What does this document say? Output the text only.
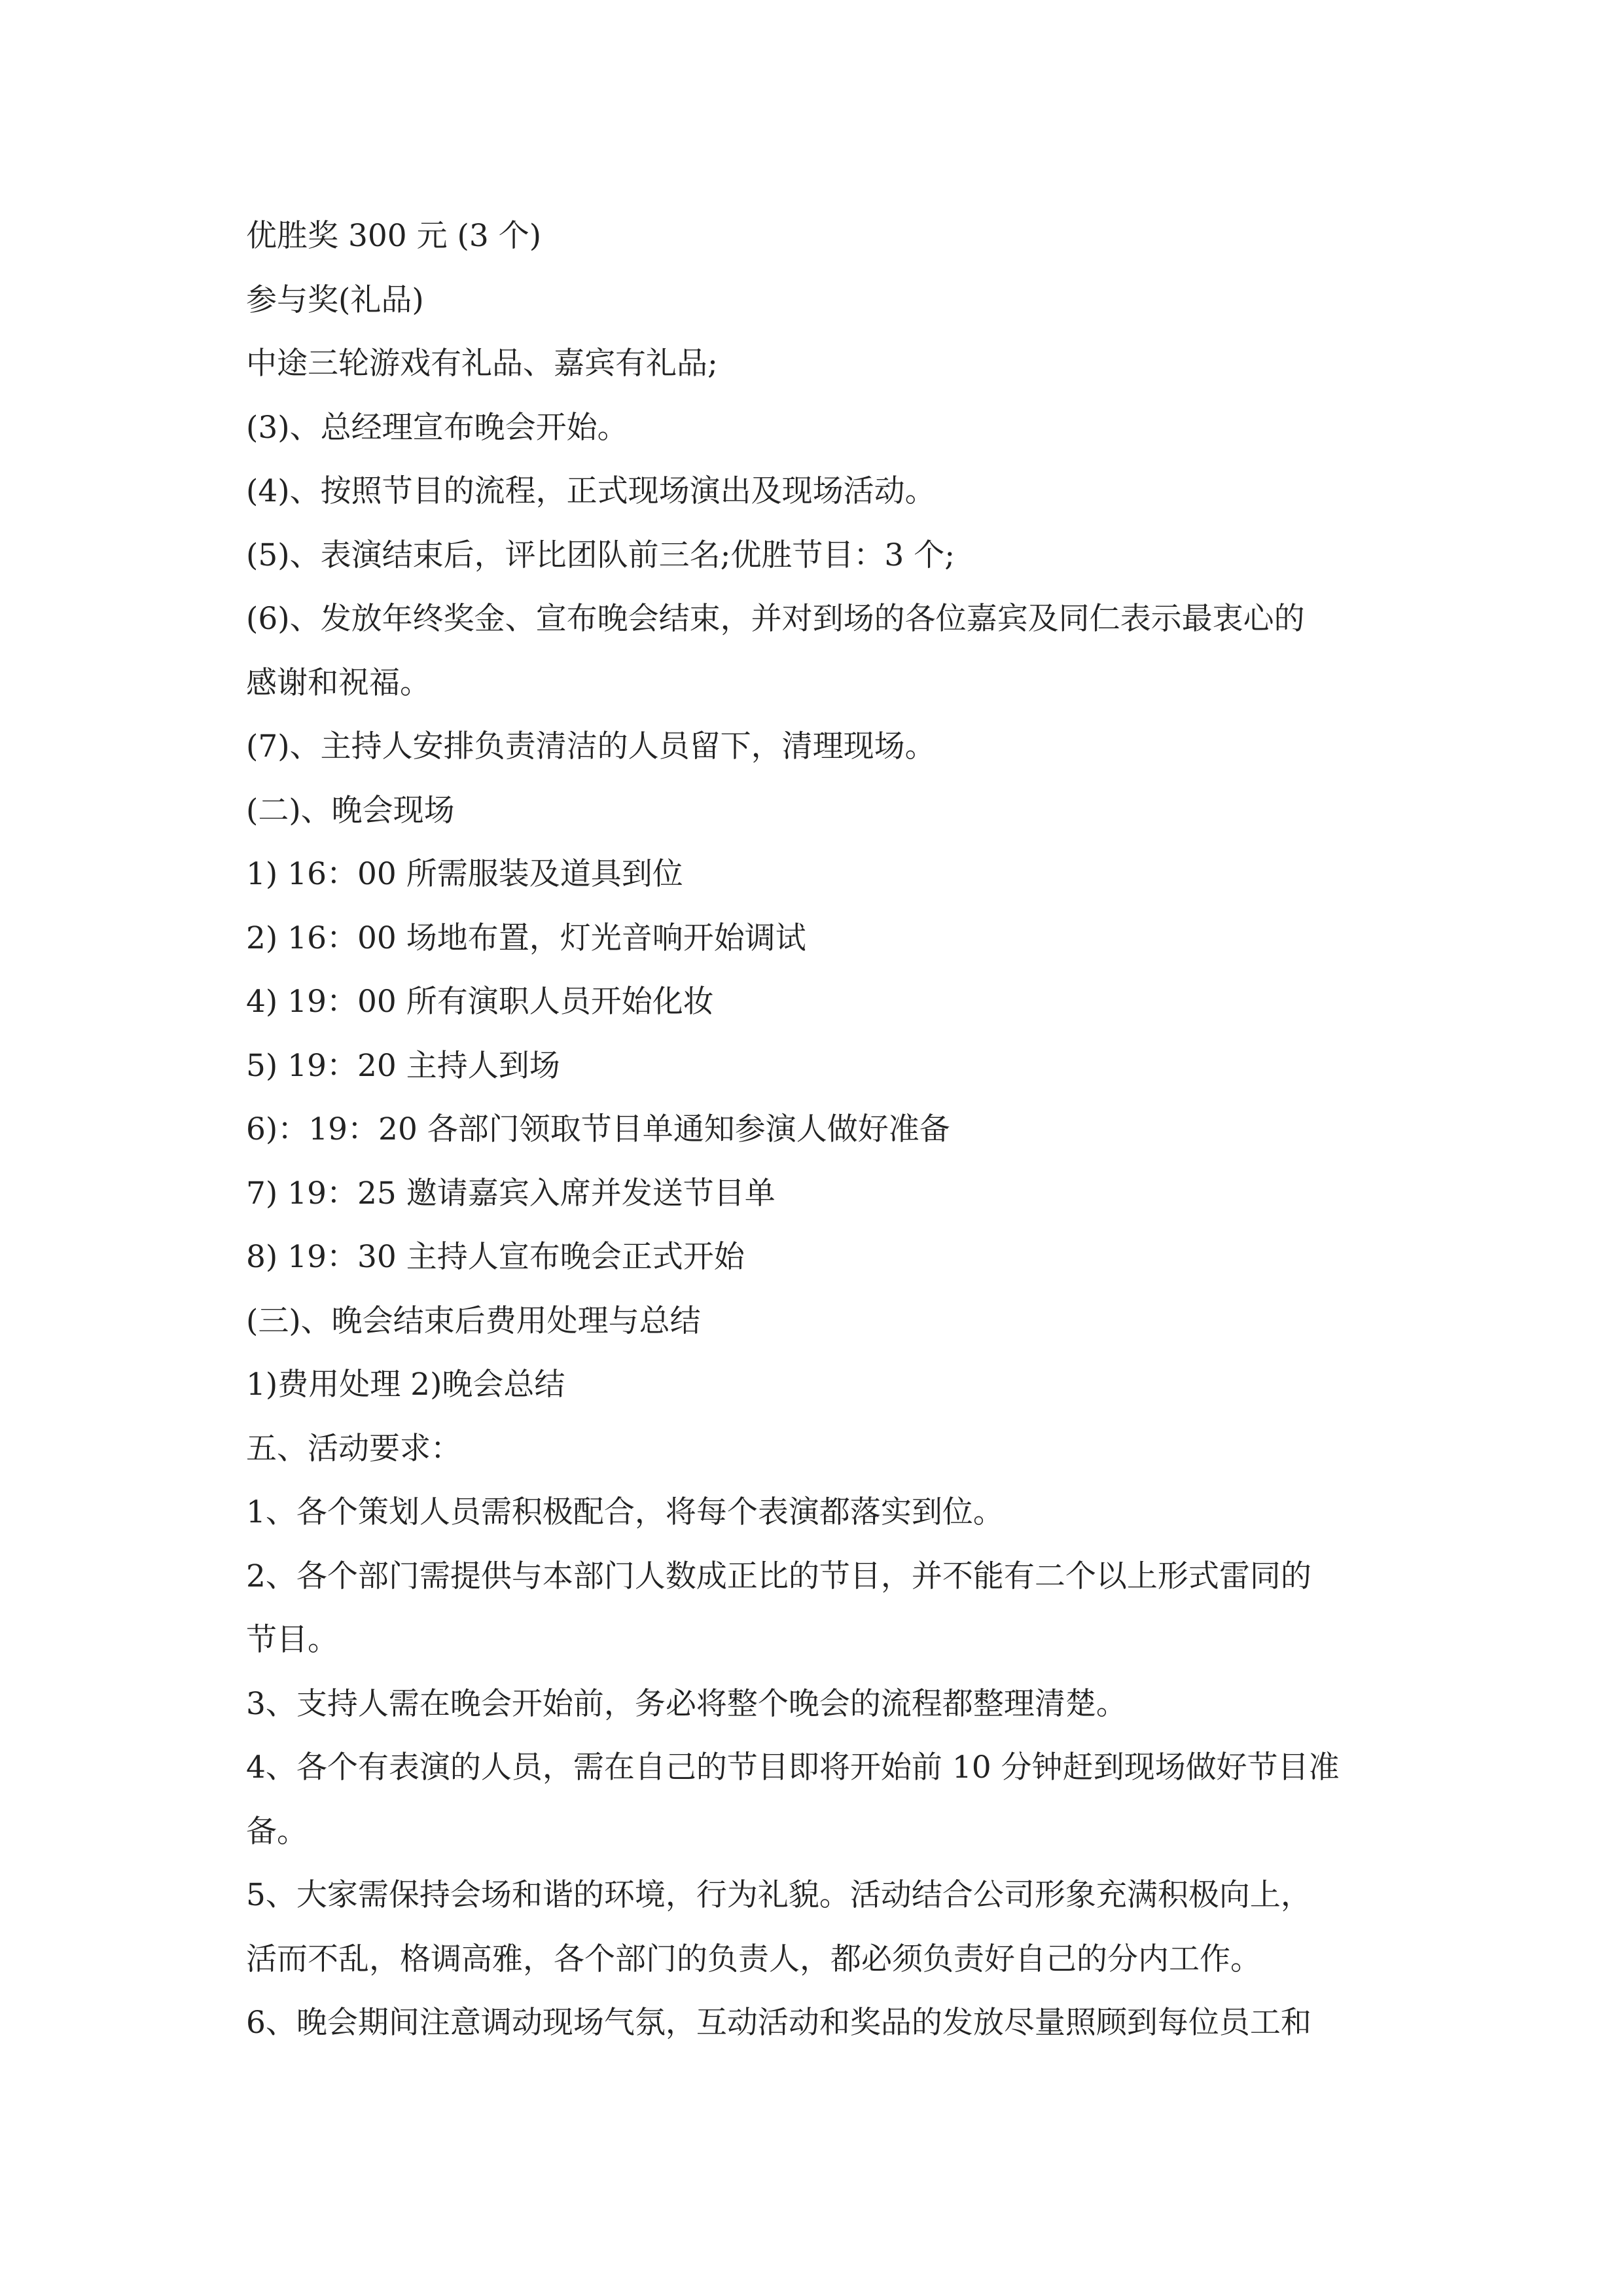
优胜奖 300 元 (3 个)

参与奖(礼品)

中途三轮游戏有礼品、嘉宾有礼品;

(3)、总经理宣布晚会开始。

(4)、按照节目的流程，正式现场演出及现场活动。

(5)、表演结束后，评比团队前三名;优胜节目：3 个;

(6)、发放年终奖金、宣布晚会结束，并对到场的各位嘉宾及同仁表示最衷心的

感谢和祝福。

(7)、主持人安排负责清洁的人员留下，清理现场。

(二)、晚会现场

1) 16：00 所需服装及道具到位

2) 16：00 场地布置，灯光音响开始调试

4) 19：00 所有演职人员开始化妆

5) 19：20 主持人到场

6)：19：20 各部门领取节目单通知参演人做好准备

7) 19：25 邀请嘉宾入席并发送节目单

8) 19：30 主持人宣布晚会正式开始

(三)、晚会结束后费用处理与总结

1)费用处理 2)晚会总结

五、活动要求：

1、各个策划人员需积极配合，将每个表演都落实到位。

2、各个部门需提供与本部门人数成正比的节目，并不能有二个以上形式雷同的

节目。

3、支持人需在晚会开始前，务必将整个晚会的流程都整理清楚。

4、各个有表演的人员，需在自己的节目即将开始前 10 分钟赶到现场做好节目准

备。

5、大家需保持会场和谐的环境，行为礼貌。活动结合公司形象充满积极向上，

活而不乱，格调高雅，各个部门的负责人，都必须负责好自己的分内工作。

6、晚会期间注意调动现场气氛，互动活动和奖品的发放尽量照顾到每位员工和
